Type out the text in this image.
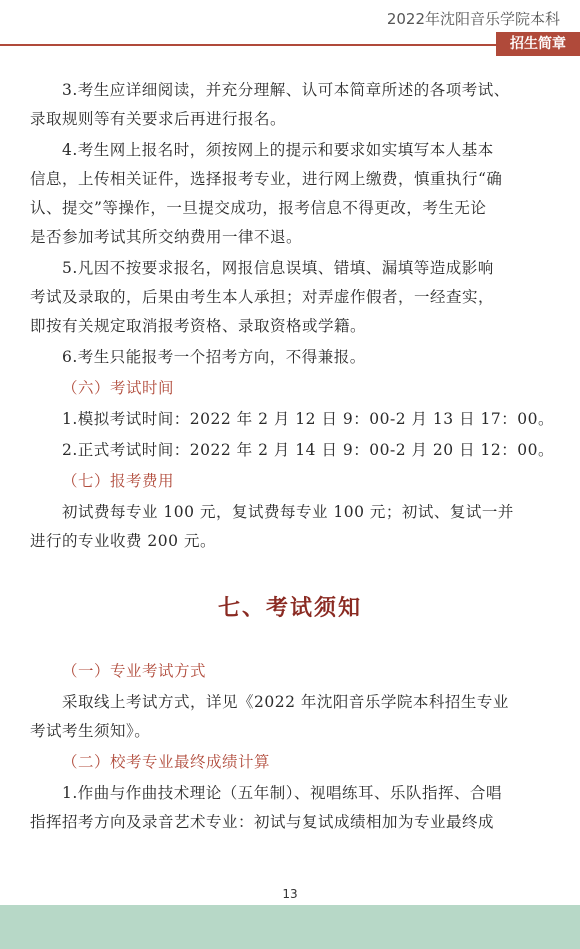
2022年沈阳音乐学院本科
招生简章
3.考生应详细阅读，并充分理解、认可本简章所述的各项考试、
录取规则等有关要求后再进行报名。
4.考生网上报名时，须按网上的提示和要求如实填写本人基本
信息，上传相关证件，选择报考专业，进行网上缴费，慎重执行“确
认、提交”等操作，一旦提交成功，报考信息不得更改，考生无论
是否参加考试其所交纳费用一律不退。
5.凡因不按要求报名，网报信息误填、错填、漏填等造成影响
考试及录取的，后果由考生本人承担；对弄虚作假者，一经查实，
即按有关规定取消报考资格、录取资格或学籍。
6.考生只能报考一个招考方向，不得兼报。
（六）考试时间
1.模拟考试时间：2022 年 2 月 12 日 9：00-2 月 13 日 17：00。
2.正式考试时间：2022 年 2 月 14 日 9：00-2 月 20 日 12：00。
（七）报考费用
初试费每专业 100 元，复试费每专业 100 元；初试、复试一并
进行的专业收费 200 元。
七、考试须知
（一）专业考试方式
采取线上考试方式，详见《2022 年沈阳音乐学院本科招生专业
考试考生须知》。
（二）校考专业最终成绩计算
1.作曲与作曲技术理论（五年制）、视唱练耳、乐队指挥、合唱
指挥招考方向及录音艺术专业：初试与复试成绩相加为专业最终成
13
